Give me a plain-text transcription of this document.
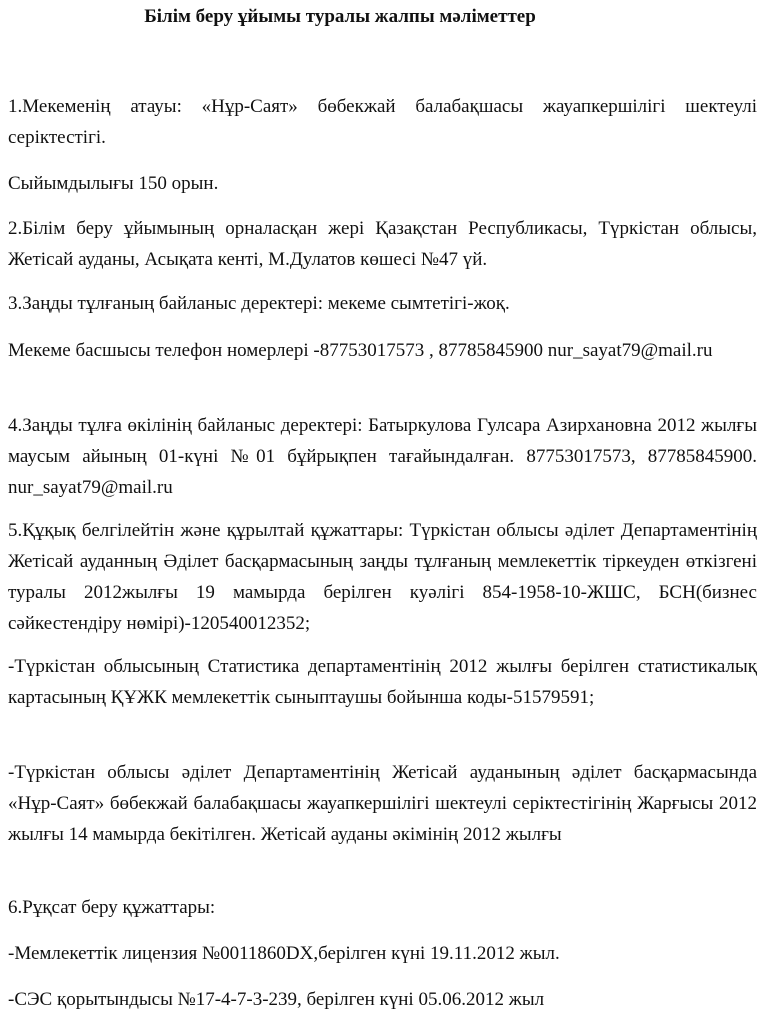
Білім беру ұйымы туралы жалпы мәліметтер

1.Мекеменің атауы: «Нұр-Саят» бөбекжай балабақшасы жауапкершілігі шектеулі серіктестігі.

Сыйымдылығы 150 орын.

2.Білім беру ұйымының орналасқан жері Қазақстан Республикасы, Түркістан облысы, Жетісай ауданы, Асықата кенті, М.Дулатов көшесі №47 үй.

3.Заңды тұлғаның байланыс деректері: мекеме сымтетігі-жоқ.

Мекеме басшысы телефон номерлері -87753017573 , 87785845900 nur_sayat79@mail.ru

4.Заңды тұлға өкілінің байланыс деректері: Батыркулова Гулсара Азирхановна 2012 жылғы маусым айының 01-күні №01 бұйрықпен тағайындалған. 87753017573, 87785845900. nur_sayat79@mail.ru

5.Құқық белгілейтін және құрылтай құжаттары: Түркістан облысы әділет Департаментінің Жетісай ауданның Әділет басқармасының заңды тұлғаның мемлекеттік тіркеуден өткізгені туралы 2012жылғы 19 мамырда берілген куәлігі 854-1958-10-ЖШС, БСН(бизнес сәйкестендіру нөмірі)-120540012352;

-Түркістан облысының Статистика департаментінің 2012 жылғы берілген статистикалық картасының ҚҰЖК мемлекеттік сыныптаушы бойынша коды-51579591;

-Түркістан облысы әділет Департаментінің Жетісай ауданының әділет басқармасында «Нұр-Саят» бөбекжай балабақшасы жауапкершілігі шектеулі серіктестігінің Жарғысы 2012 жылғы 14 мамырда бекітілген. Жетісай ауданы әкімінің 2012 жылғы

6.Рұқсат беру құжаттары:

-Мемлекеттік лицензия №0011860DX,берілген күні 19.11.2012 жыл.

-СЭС қорытындысы №17-4-7-3-239, берілген күні 05.06.2012 жыл
